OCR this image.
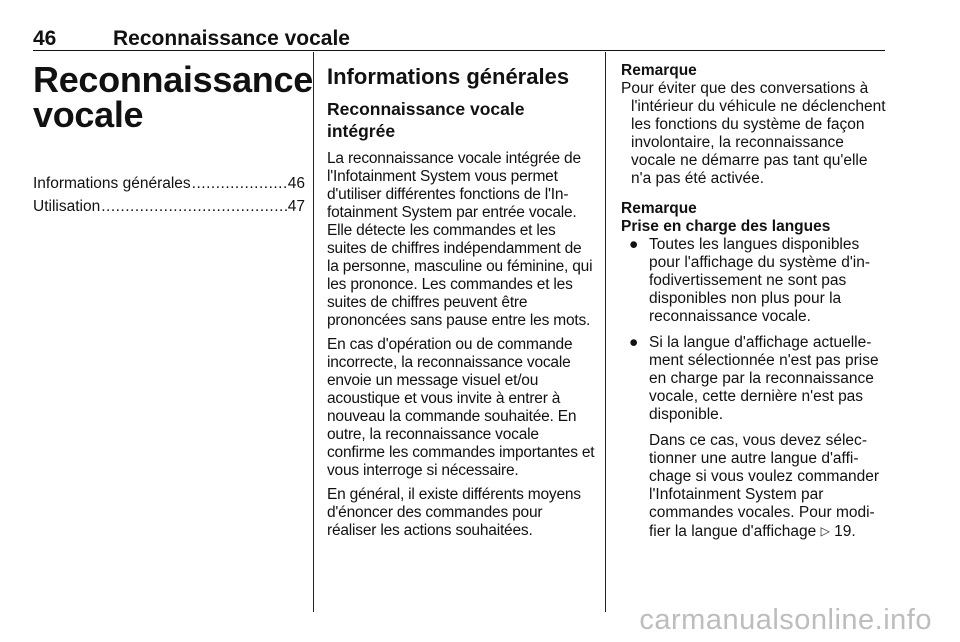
46	Reconnaissance vocale
Reconnaissance
vocale
Informations générales .....	46
Utilisation .....	47
Informations générales
Reconnaissance vocale intégrée

La reconnaissance vocale intégrée de l'Infotainment System vous permet d'utiliser différentes fonctions de l'Infotainment System par entrée vocale. Elle détecte les commandes et les suites de chiffres indépendamment de la personne, masculine ou féminine, qui les prononce. Les commandes et les suites de chiffres peuvent être prononcées sans pause entre les mots.

En cas d'opération ou de commande incorrecte, la reconnaissance vocale envoie un message visuel et/ou acoustique et vous invite à entrer à nouveau la commande souhaitée. En outre, la reconnaissance vocale confirme les commandes importantes et vous interroge si nécessaire.

En général, il existe différents moyens d'énoncer des commandes pour réaliser les actions souhaitées.

Remarque

Pour éviter que des conversations à
l'intérieur du véhicule ne déclenchent les fonctions du système de façon involontaire, la reconnaissance vocale ne démarre pas tant qu'elle n'a pas été activée.

Remarque

Prise en charge des langues

● Toutes les langues disponibles pour l'affichage du système d'infodivertissement ne sont pas disponibles non plus pour la reconnaissance vocale.
● Si la langue d'affichage actuellement sélectionnée n'est pas prise en charge par la reconnaissance vocale, cette dernière n'est pas disponible.

Dans ce cas, vous devez sélectionner une autre langue d'affichage si vous voulez commander l'Infotainment System par commandes vocales. Pour modifier la langue d'affichage ▷ 19.

carmanualsonline.info
